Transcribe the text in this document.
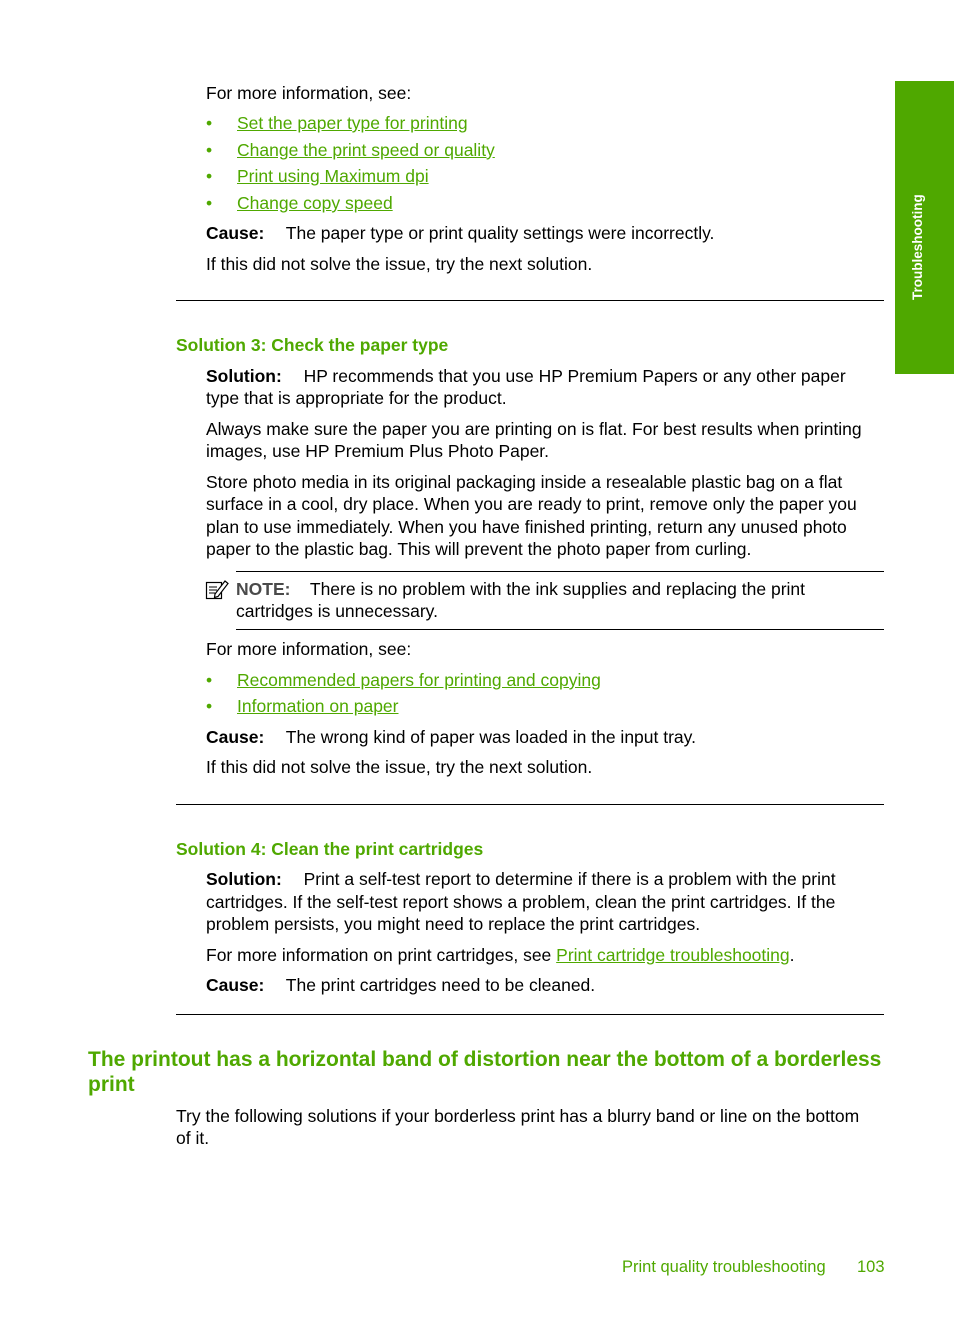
Troubleshooting
For more information, see:
• Set the paper type for printing
• Change the print speed or quality
• Print using Maximum dpi
• Change copy speed
Cause: The paper type or print quality settings were incorrectly.
If this did not solve the issue, try the next solution.
Solution 3: Check the paper type
Solution: HP recommends that you use HP Premium Papers or any other paper
type that is appropriate for the product.
Always make sure the paper you are printing on is flat. For best results when printing
images, use HP Premium Plus Photo Paper.
Store photo media in its original packaging inside a resealable plastic bag on a flat
surface in a cool, dry place. When you are ready to print, remove only the paper you
plan to use immediately. When you have finished printing, return any unused photo
paper to the plastic bag. This will prevent the photo paper from curling.
NOTE: There is no problem with the ink supplies and replacing the print
cartridges is unnecessary.
For more information, see:
• Recommended papers for printing and copying
• Information on paper
Cause: The wrong kind of paper was loaded in the input tray.
If this did not solve the issue, try the next solution.
Solution 4: Clean the print cartridges
Solution: Print a self-test report to determine if there is a problem with the print
cartridges. If the self-test report shows a problem, clean the print cartridges. If the
problem persists, you might need to replace the print cartridges.
For more information on print cartridges, see Print cartridge troubleshooting.
Cause: The print cartridges need to be cleaned.
The printout has a horizontal band of distortion near the bottom of a borderless
print
Try the following solutions if your borderless print has a blurry band or line on the bottom
of it.
Print quality troubleshooting 103
